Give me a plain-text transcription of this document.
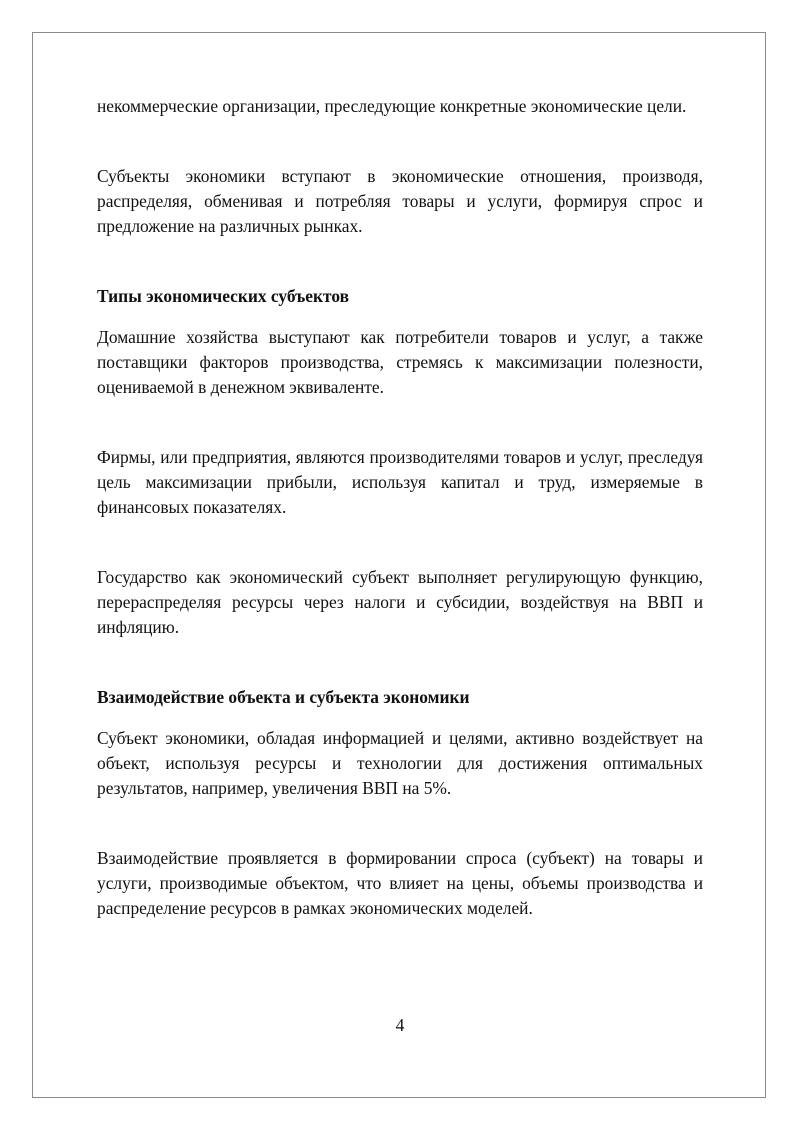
некоммерческие организации, преследующие конкретные экономические цели.

Субъекты экономики вступают в экономические отношения, производя, распределяя, обменивая и потребляя товары и услуги, формируя спрос и предложение на различных рынках.

Типы экономических субъектов

Домашние хозяйства выступают как потребители товаров и услуг, а также поставщики факторов производства, стремясь к максимизации полезности, оцениваемой в денежном эквиваленте.

Фирмы, или предприятия, являются производителями товаров и услуг, преследуя цель максимизации прибыли, используя капитал и труд, измеряемые в финансовых показателях.

Государство как экономический субъект выполняет регулирующую функцию, перераспределяя ресурсы через налоги и субсидии, воздействуя на ВВП и инфляцию.

Взаимодействие объекта и субъекта экономики

Субъект экономики, обладая информацией и целями, активно воздействует на объект, используя ресурсы и технологии для достижения оптимальных результатов, например, увеличения ВВП на 5%.

Взаимодействие проявляется в формировании спроса (субъект) на товары и услуги, производимые объектом, что влияет на цены, объемы производства и распределение ресурсов в рамках экономических моделей.

4
